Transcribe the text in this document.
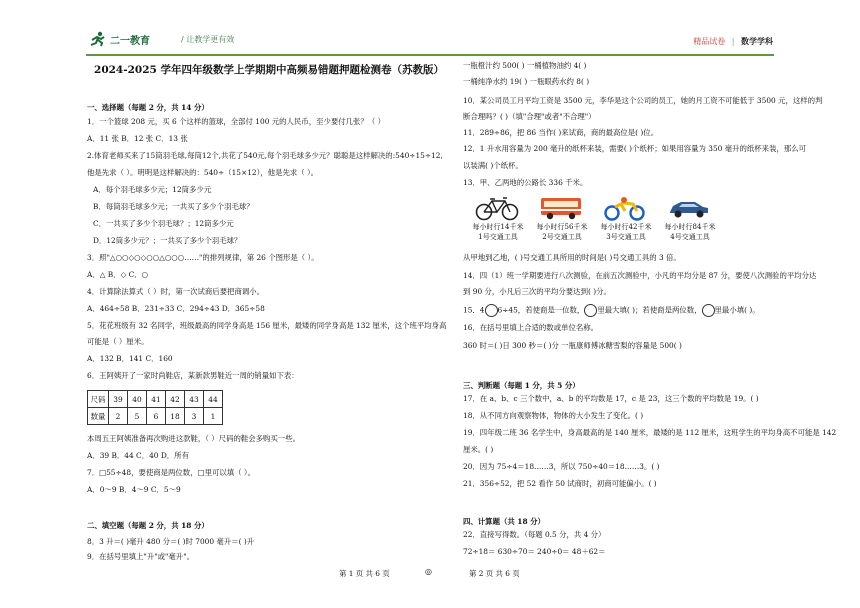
二一教育	/ 让教学更有效	精品试卷 | 数学学科
2024-2025 学年四年级数学上学期期中高频易错题押题检测卷（苏教版）
一、选择题（每题 2 分，共 14 分）
1．一个篮球 208 元，买 6 个这样的篮球，全部付 100 元的人民币，至少要付几张？（ ）
A．11 张 B．12 张 C．13 张
2.体育老师买来了15筒羽毛球,每筒12个,共花了540元,每个羽毛球多少元？聪聪是这样解决的:540÷15÷12,
他是先求（ ）。明明是这样解决的：540÷（15×12），他是先求（ ）。
A．每个羽毛球多少元；12筒多少元
B．每筒羽毛球多少元；一共买了多少个羽毛球？
C．一共买了多少个羽毛球？；12筒多少元
D．12筒多少元？；一共买了多少个羽毛球？
3．照"△○○◇○◇○○△○○○……"的排列规律，第 26 个图形是（ ）。
A．△ B．◇ C．○
4．计算除法算式（ ）时，第一次试商后要把商调小。
A．464÷58 B．231÷33 C．294÷43 D．365÷58
5．花花班级有 32 名同学，班级最高的同学身高是 156 厘米，最矮的同学身高是 132 厘米，这个班平均身高
可能是（ ）厘米。
A．132 B．141 C．160
6．王阿姨开了一家时尚鞋店，某新款男鞋近一周的销量如下表：
尺码	39	40	41	42	43	44
数量	2	5	6	18	3	1
本周五王阿姨准备再次购进这款鞋，（ ）尺码的鞋会多购买一些。
A．39 B．44 C．40 D．所有
7．□55÷48，要使商是两位数，□里可以填（ ）。
A．0～9 B．4～9 C．5～9
二、填空题（每题 2 分，共 18 分）
8．3 升＝( )毫升 480 分＝( )时 7000 毫升＝( )升
9．在括号里填上"升"或"毫升"。
一瓶橙汁约 500( ) 一桶植物油约 4( )
一桶纯净水约 19( ) 一瓶眼药水约 8( )
10．某公司员工月平均工资是 3500 元，李华是这个公司的员工，她的月工资不可能低于 3500 元，这样的判
断合理吗？( )（填"合理"或者"不合理"）
11．289÷86，把 86 当作( )来试商，商的最高位是( )位。
12．1 升水用容量为 200 毫升的纸杯来装，需要( )个纸杯；如果用容量为 350 毫升的纸杯来装，那么可
以装满( )个纸杯。
13．甲、乙两地的公路长 336 千米。
每小时行14千米
1号交通工具
每小时行56千米
2号交通工具
每小时行42千米
3号交通工具
每小时行84千米
4号交通工具
从甲地到乙地，( )号交通工具所用的时间是( )号交通工具的 3 倍。
14．四（1）班一学期要进行八次测验，在前五次测验中，小凡的平均分是 87 分，要使八次测验的平均分达
到 90 分，小凡后三次的平均分要达到( )分。
15．4 6÷45，若使商是一位数， 里最大填( )；若使商是两位数， 里最小填( )。
16．在括号里填上合适的数或单位名称。
360 时＝( )日 300 秒＝( )分 一瓶康师傅冰糖雪梨的容量是 500( )
三、判断题（每题 1 分，共 5 分）
17．在 a、b、c 三个数中，a、b 的平均数是 17，c 是 23，这三个数的平均数是 19。( )
18．从不同方向观察物体，物体的大小发生了变化。( )
19．四年级二班 36 名学生中，身高最高的是 140 厘米，最矮的是 112 厘米，这班学生的平均身高不可能是 142
厘米。( )
20．因为 75÷4＝18……3，所以 750÷40＝18……3。( )
21．356÷52，把 52 看作 50 试商时，初商可能偏小。( )
四、计算题（共 18 分）
22．直接写得数。（每题 0.5 分，共 4 分）
72÷18＝ 630÷70＝ 240÷0＝ 48＋62＝
第 1 页 共 6 页	◎	第 2 页 共 6 页
